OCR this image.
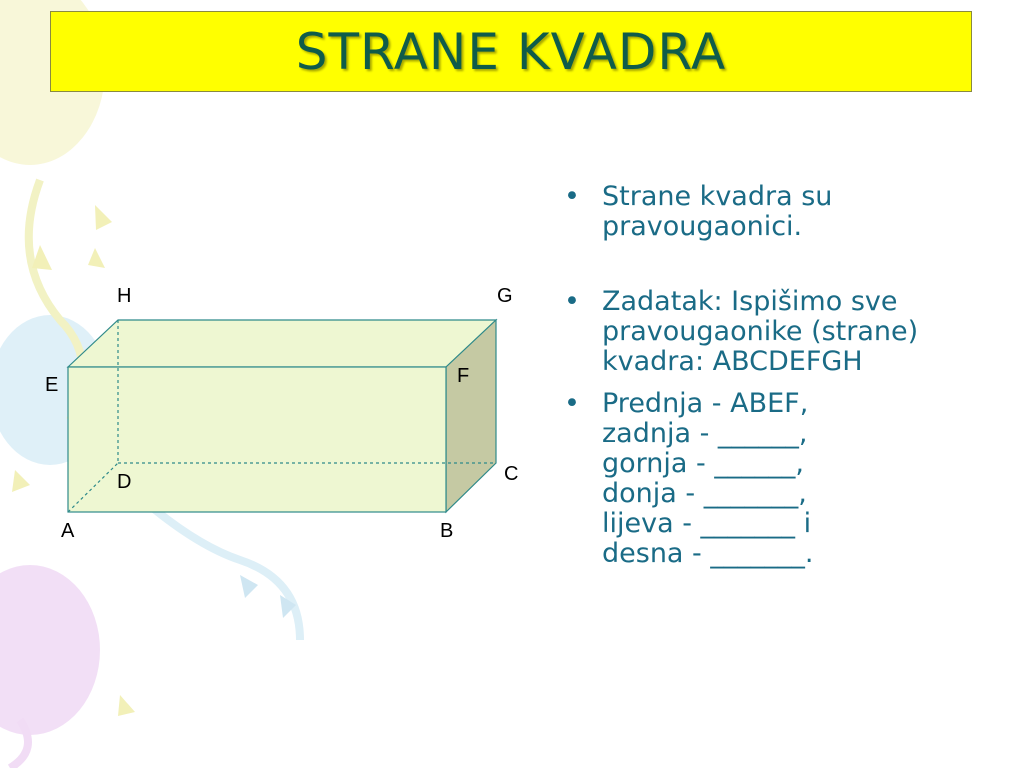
STRANE KVADRA
H	G
E	F
D	C
A	B
• Strane kvadra su pravougaonici.
• Zadatak: Ispišimo sve pravougaonike (strane) kvadra: ABCDEFGH
• Prednja - ABEF,
zadnja - ______,
gornja - ______,
donja - _______,
lijeva - _______ i
desna - _______.
